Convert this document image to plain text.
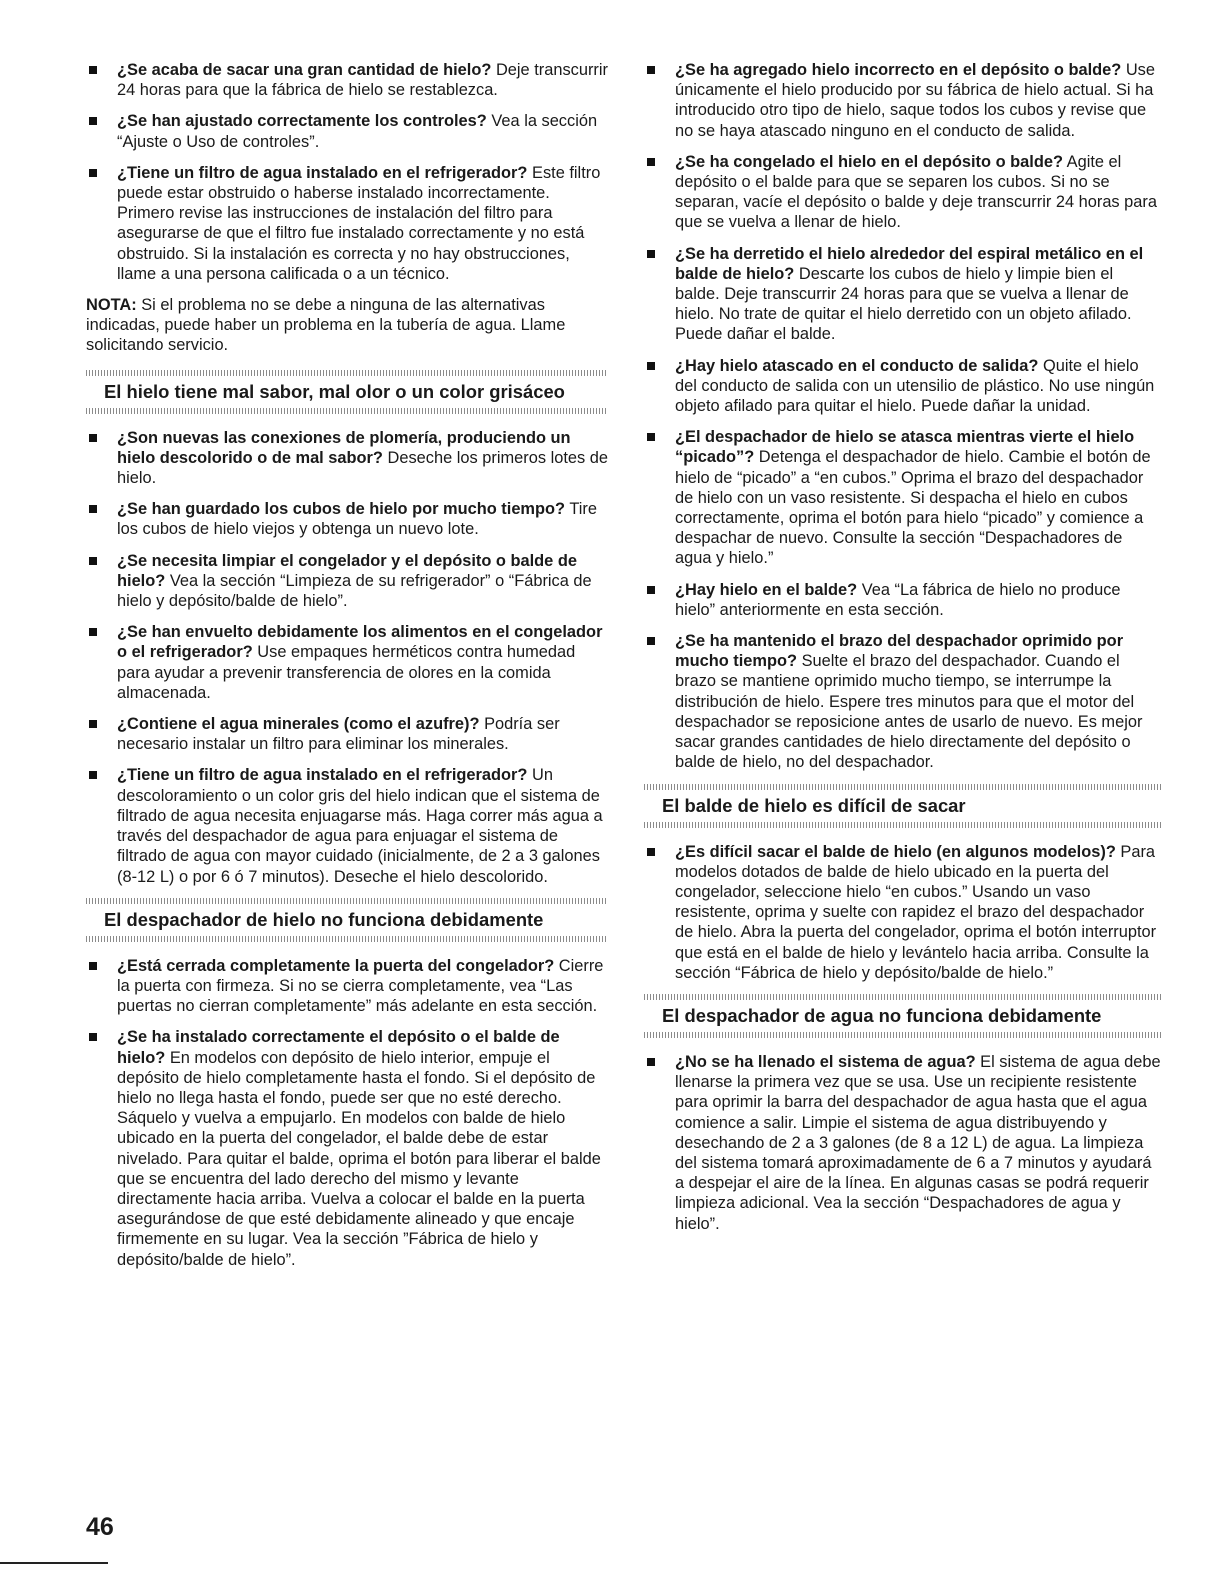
¿Se acaba de sacar una gran cantidad de hielo? Deje transcurrir 24 horas para que la fábrica de hielo se restablezca.
¿Se han ajustado correctamente los controles? Vea la sección “Ajuste o Uso de controles”.
¿Tiene un filtro de agua instalado en el refrigerador? Este filtro puede estar obstruido o haberse instalado incorrectamente. Primero revise las instrucciones de instalación del filtro para asegurarse de que el filtro fue instalado correctamente y no está obstruido. Si la instalación es correcta y no hay obstrucciones, llame a una persona calificada o a un técnico.
NOTA: Si el problema no se debe a ninguna de las alternativas indicadas, puede haber un problema en la tubería de agua. Llame solicitando servicio.
El hielo tiene mal sabor, mal olor o un color grisáceo
¿Son nuevas las conexiones de plomería, produciendo un hielo descolorido o de mal sabor? Deseche los primeros lotes de hielo.
¿Se han guardado los cubos de hielo por mucho tiempo? Tire los cubos de hielo viejos y obtenga un nuevo lote.
¿Se necesita limpiar el congelador y el depósito o balde de hielo? Vea la sección “Limpieza de su refrigerador” o “Fábrica de hielo y depósito/balde de hielo”.
¿Se han envuelto debidamente los alimentos en el congelador o el refrigerador? Use empaques herméticos contra humedad para ayudar a prevenir transferencia de olores en la comida almacenada.
¿Contiene el agua minerales (como el azufre)? Podría ser necesario instalar un filtro para eliminar los minerales.
¿Tiene un filtro de agua instalado en el refrigerador? Un descoloramiento o un color gris del hielo indican que el sistema de filtrado de agua necesita enjuagarse más. Haga correr más agua a través del despachador de agua para enjuagar el sistema de filtrado de agua con mayor cuidado (inicialmente, de 2 a 3 galones (8-12 L) o por 6 ó 7 minutos). Deseche el hielo descolorido.
El despachador de hielo no funciona debidamente
¿Está cerrada completamente la puerta del congelador? Cierre la puerta con firmeza. Si no se cierra completamente, vea “Las puertas no cierran completamente” más adelante en esta sección.
¿Se ha instalado correctamente el depósito o el balde de hielo? En modelos con depósito de hielo interior, empuje el depósito de hielo completamente hasta el fondo. Si el depósito de hielo no llega hasta el fondo, puede ser que no esté derecho. Sáquelo y vuelva a empujarlo. En modelos con balde de hielo ubicado en la puerta del congelador, el balde debe de estar nivelado. Para quitar el balde, oprima el botón para liberar el balde que se encuentra del lado derecho del mismo y levante directamente hacia arriba. Vuelva a colocar el balde en la puerta asegurándose de que esté debidamente alineado y que encaje firmemente en su lugar. Vea la sección ”Fábrica de hielo y depósito/balde de hielo”.
¿Se ha agregado hielo incorrecto en el depósito o balde? Use únicamente el hielo producido por su fábrica de hielo actual. Si ha introducido otro tipo de hielo, saque todos los cubos y revise que no se haya atascado ninguno en el conducto de salida.
¿Se ha congelado el hielo en el depósito o balde? Agite el depósito o el balde para que se separen los cubos. Si no se separan, vacíe el depósito o balde y deje transcurrir 24 horas para que se vuelva a llenar de hielo.
¿Se ha derretido el hielo alrededor del espiral metálico en el balde de hielo? Descarte los cubos de hielo y limpie bien el balde. Deje transcurrir 24 horas para que se vuelva a llenar de hielo. No trate de quitar el hielo derretido con un objeto afilado. Puede dañar el balde.
¿Hay hielo atascado en el conducto de salida? Quite el hielo del conducto de salida con un utensilio de plástico. No use ningún objeto afilado para quitar el hielo. Puede dañar la unidad.
¿El despachador de hielo se atasca mientras vierte el hielo “picado”? Detenga el despachador de hielo. Cambie el botón de hielo de “picado” a “en cubos.” Oprima el brazo del despachador de hielo con un vaso resistente. Si despacha el hielo en cubos correctamente, oprima el botón para hielo “picado” y comience a despachar de nuevo. Consulte la sección “Despachadores de agua y hielo.”
¿Hay hielo en el balde? Vea “La fábrica de hielo no produce hielo” anteriormente en esta sección.
¿Se ha mantenido el brazo del despachador oprimido por mucho tiempo? Suelte el brazo del despachador. Cuando el brazo se mantiene oprimido mucho tiempo, se interrumpe la distribución de hielo. Espere tres minutos para que el motor del despachador se reposicione antes de usarlo de nuevo. Es mejor sacar grandes cantidades de hielo directamente del depósito o balde de hielo, no del despachador.
El balde de hielo es difícil de sacar
¿Es difícil sacar el balde de hielo (en algunos modelos)? Para modelos dotados de balde de hielo ubicado en la puerta del congelador, seleccione hielo “en cubos.” Usando un vaso resistente, oprima y suelte con rapidez el brazo del despachador de hielo. Abra la puerta del congelador, oprima el botón interruptor que está en el balde de hielo y levántelo hacia arriba. Consulte la sección “Fábrica de hielo y depósito/balde de hielo.”
El despachador de agua no funciona debidamente
¿No se ha llenado el sistema de agua? El sistema de agua debe llenarse la primera vez que se usa. Use un recipiente resistente para oprimir la barra del despachador de agua hasta que el agua comience a salir. Limpie el sistema de agua distribuyendo y desechando de 2 a 3 galones (de 8 a 12 L) de agua. La limpieza del sistema tomará aproximadamente de 6 a 7 minutos y ayudará a despejar el aire de la línea. En algunas casas se podrá requerir limpieza adicional. Vea la sección “Despachadores de agua y hielo”.
46
